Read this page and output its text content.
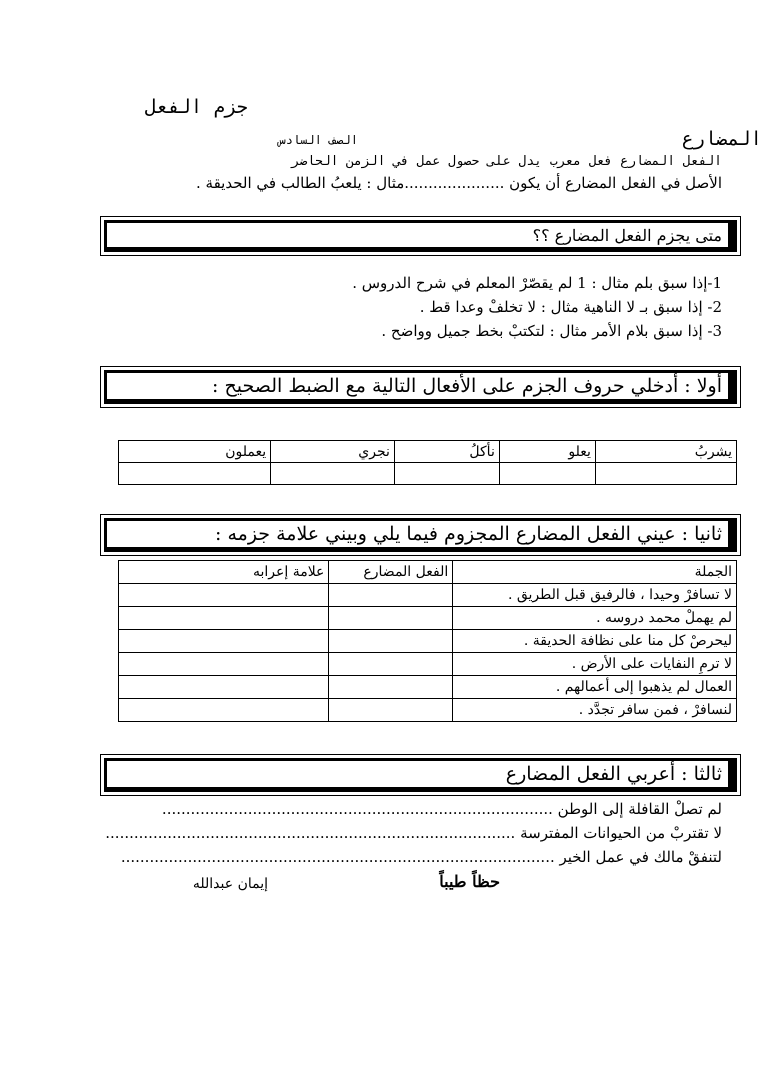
جزم الفعل
المضارع
الصف السادس
الفعل المضارع فعل معرب يدل على حصول عمل في الزمن الحاضر
الأصل في الفعل المضارع أن يكون .....................مثال : يلعبُ الطالب في الحديقة .
متى يجزم الفعل المضارع ؟؟
1-إذا سبق بلم مثال : 1 لم يقصّرْ المعلم في شرح الدروس .
2- إذا سبق بـ لا الناهية مثال : لا تخلفْ وعدا قط .
3- إذا سبق بلام الأمر مثال : لتكتبْ بخط جميل وواضح .
أولا : أدخلي حروف الجزم على الأفعال التالية مع الضبط الصحيح :
يشربُ	يعلو	نأكلُ	نجري	يعملون

ثانيا : عيني الفعل المضارع المجزوم فيما يلي وبيني علامة جزمه :
الجملة	الفعل المضارع	علامة إعرابه
لا تسافرْ وحيدا ، فالرفيق قبل الطريق .		
لم يهملْ محمد دروسه .		
ليحرصْ كل منا على نظافة الحديقة .		
لا ترمِ النفايات على الأرض .		
العمال لم يذهبوا إلى أعمالهم .		
لنسافرْ ، فمن سافر تجدَّد .		
ثالثا : أعربي الفعل المضارع
لم تصلْ القافلة إلى الوطن ..................................................................................
لا تقتربْ من الحيوانات المفترسة ......................................................................................
لتنفقْ مالك في عمل الخير ...........................................................................................
حظاً طيباً
إيمان عبدالله
